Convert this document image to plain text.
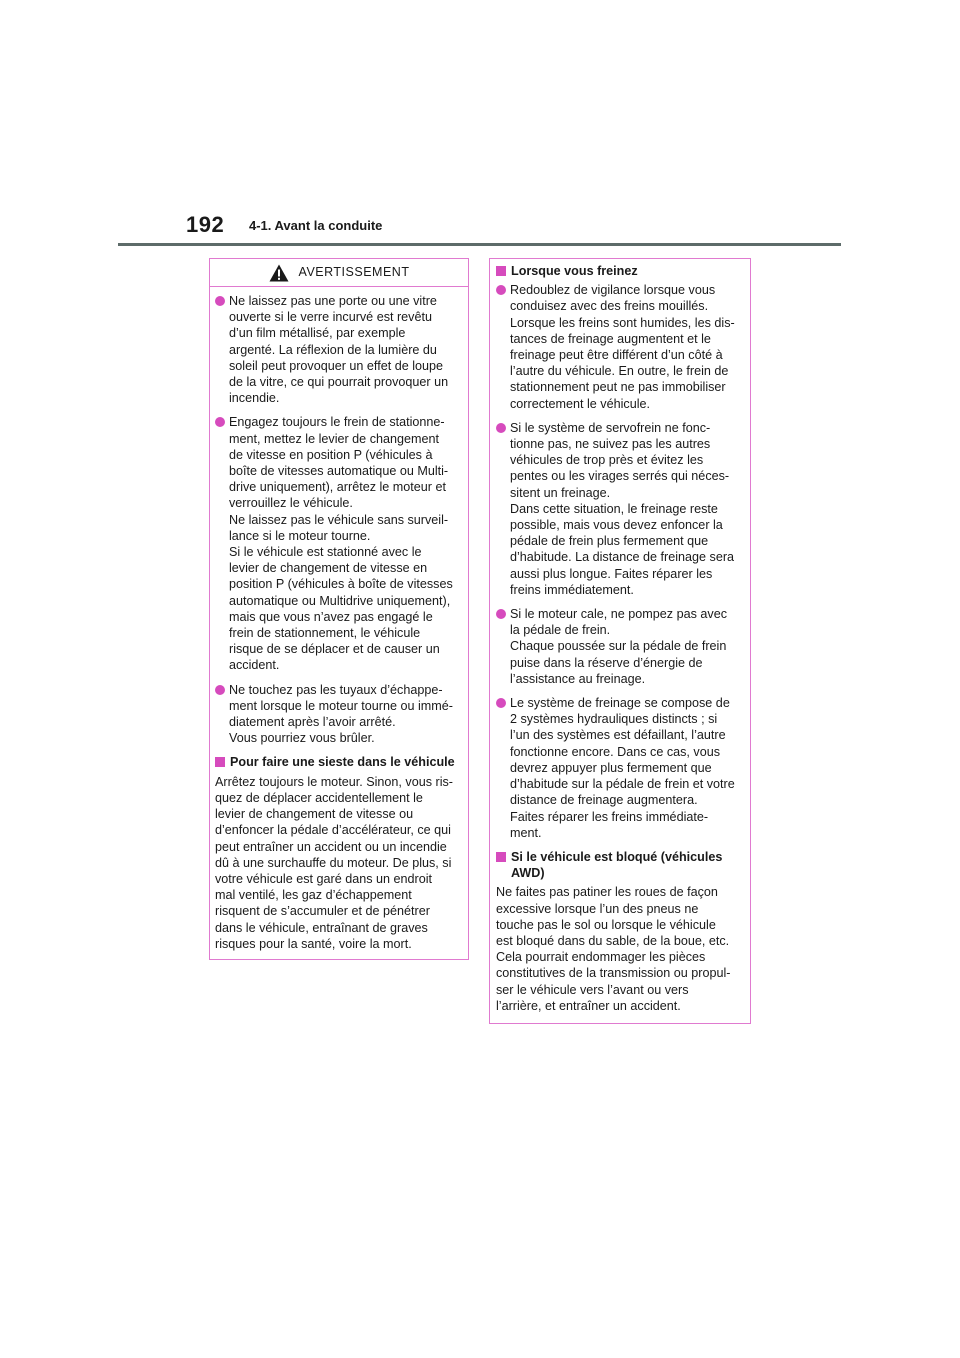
192 4-1. Avant la conduite
AVERTISSEMENT
Ne laissez pas une porte ou une vitre
ouverte si le verre incurvé est revêtu
d’un film métallisé, par exemple
argenté. La réflexion de la lumière du
soleil peut provoquer un effet de loupe
de la vitre, ce qui pourrait provoquer un
incendie.
Engagez toujours le frein de stationne-
ment, mettez le levier de changement
de vitesse en position P (véhicules à
boîte de vitesses automatique ou Multi-
drive uniquement), arrêtez le moteur et
verrouillez le véhicule.
Ne laissez pas le véhicule sans surveil-
lance si le moteur tourne.
Si le véhicule est stationné avec le
levier de changement de vitesse en
position P (véhicules à boîte de vitesses
automatique ou Multidrive uniquement),
mais que vous n’avez pas engagé le
frein de stationnement, le véhicule
risque de se déplacer et de causer un
accident.
Ne touchez pas les tuyaux d’échappe-
ment lorsque le moteur tourne ou immé-
diatement après l’avoir arrêté.
Vous pourriez vous brûler.
Pour faire une sieste dans le véhicule
Arrêtez toujours le moteur. Sinon, vous ris-
quez de déplacer accidentellement le
levier de changement de vitesse ou
d’enfoncer la pédale d’accélérateur, ce qui
peut entraîner un accident ou un incendie
dû à une surchauffe du moteur. De plus, si
votre véhicule est garé dans un endroit
mal ventilé, les gaz d’échappement
risquent de s’accumuler et de pénétrer
dans le véhicule, entraînant de graves
risques pour la santé, voire la mort.
Lorsque vous freinez
Redoublez de vigilance lorsque vous
conduisez avec des freins mouillés.
Lorsque les freins sont humides, les dis-
tances de freinage augmentent et le
freinage peut être différent d’un côté à
l’autre du véhicule. En outre, le frein de
stationnement peut ne pas immobiliser
correctement le véhicule.
Si le système de servofrein ne fonc-
tionne pas, ne suivez pas les autres
véhicules de trop près et évitez les
pentes ou les virages serrés qui néces-
sitent un freinage.
Dans cette situation, le freinage reste
possible, mais vous devez enfoncer la
pédale de frein plus fermement que
d’habitude. La distance de freinage sera
aussi plus longue. Faites réparer les
freins immédiatement.
Si le moteur cale, ne pompez pas avec
la pédale de frein.
Chaque poussée sur la pédale de frein
puise dans la réserve d’énergie de
l’assistance au freinage.
Le système de freinage se compose de
2 systèmes hydrauliques distincts ; si
l’un des systèmes est défaillant, l’autre
fonctionne encore. Dans ce cas, vous
devrez appuyer plus fermement que
d’habitude sur la pédale de frein et votre
distance de freinage augmentera.
Faites réparer les freins immédiate-
ment.
Si le véhicule est bloqué (véhicules
AWD)
Ne faites pas patiner les roues de façon
excessive lorsque l’un des pneus ne
touche pas le sol ou lorsque le véhicule
est bloqué dans du sable, de la boue, etc.
Cela pourrait endommager les pièces
constitutives de la transmission ou propul-
ser le véhicule vers l’avant ou vers
l’arrière, et entraîner un accident.
